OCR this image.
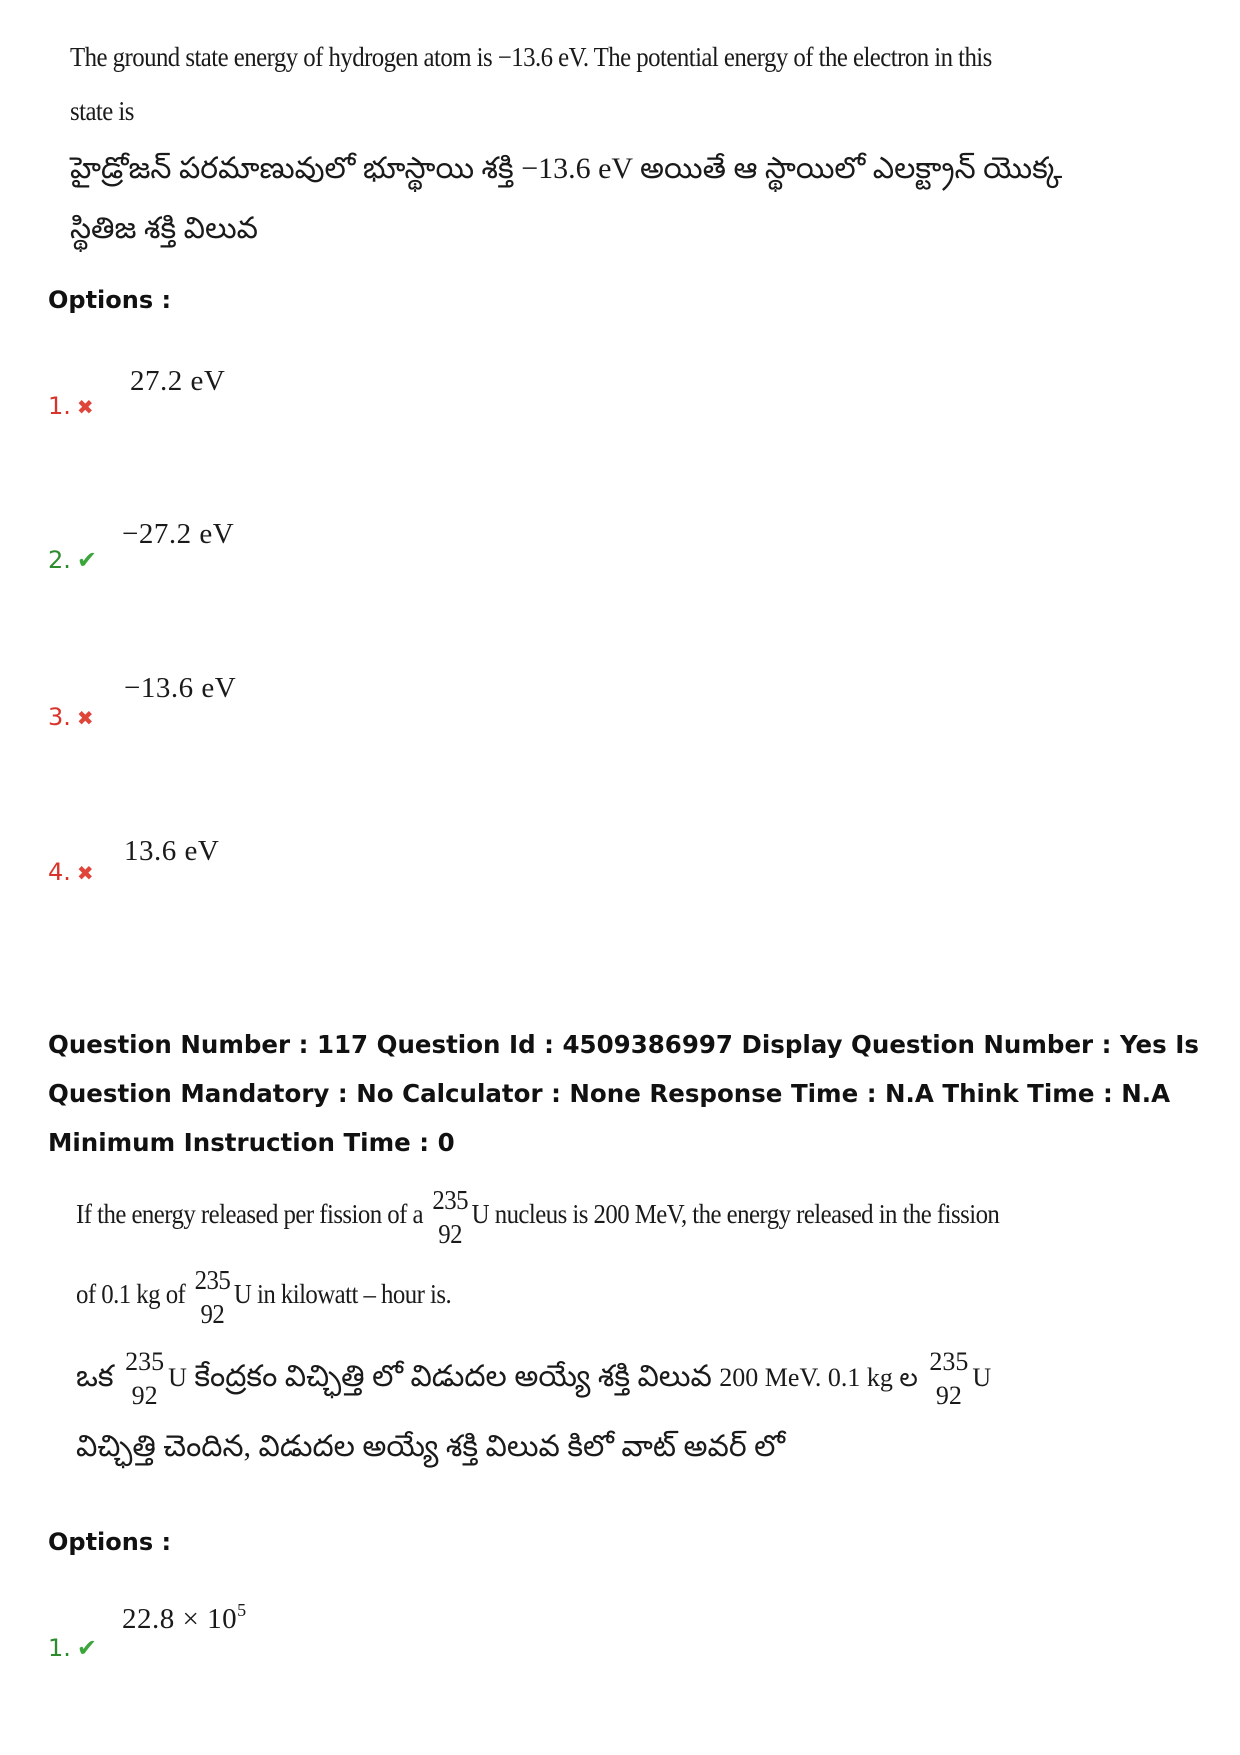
The ground state energy of hydrogen atom is −13.6 eV. The potential energy of the electron in this
state is
హైడ్రోజన్ పరమాణువులో భూస్థాయి శక్తి −13.6 eV అయితే ఆ స్థాయిలో ఎలక్ట్రాన్ యొక్క
స్థితిజ శక్తి విలువ
Options :
1. ✖
27.2 eV
2. ✔
−27.2 eV
3. ✖
−13.6 eV
4. ✖
13.6 eV
Question Number : 117 Question Id : 4509386997 Display Question Number : Yes Is Question Mandatory : No Calculator : None Response Time : N.A Think Time : N.A Minimum Instruction Time : 0
If the energy released per fission of a 235
92
U nucleus is 200 MeV, the energy released in the fission
of 0.1 kg of 235
92
U in kilowatt – hour is.
ఒక 235
92
U కేంద్రకం విచ్ఛిత్తి లో విడుదల అయ్యే శక్తి విలువ 200 MeV. 0.1 kg ల
235
92
U
విచ్ఛిత్తి చెందిన, విడుదల అయ్యే శక్తి విలువ కిలో వాట్ అవర్ లో
Options :
1. ✔
$22.8 \times 10^5$
